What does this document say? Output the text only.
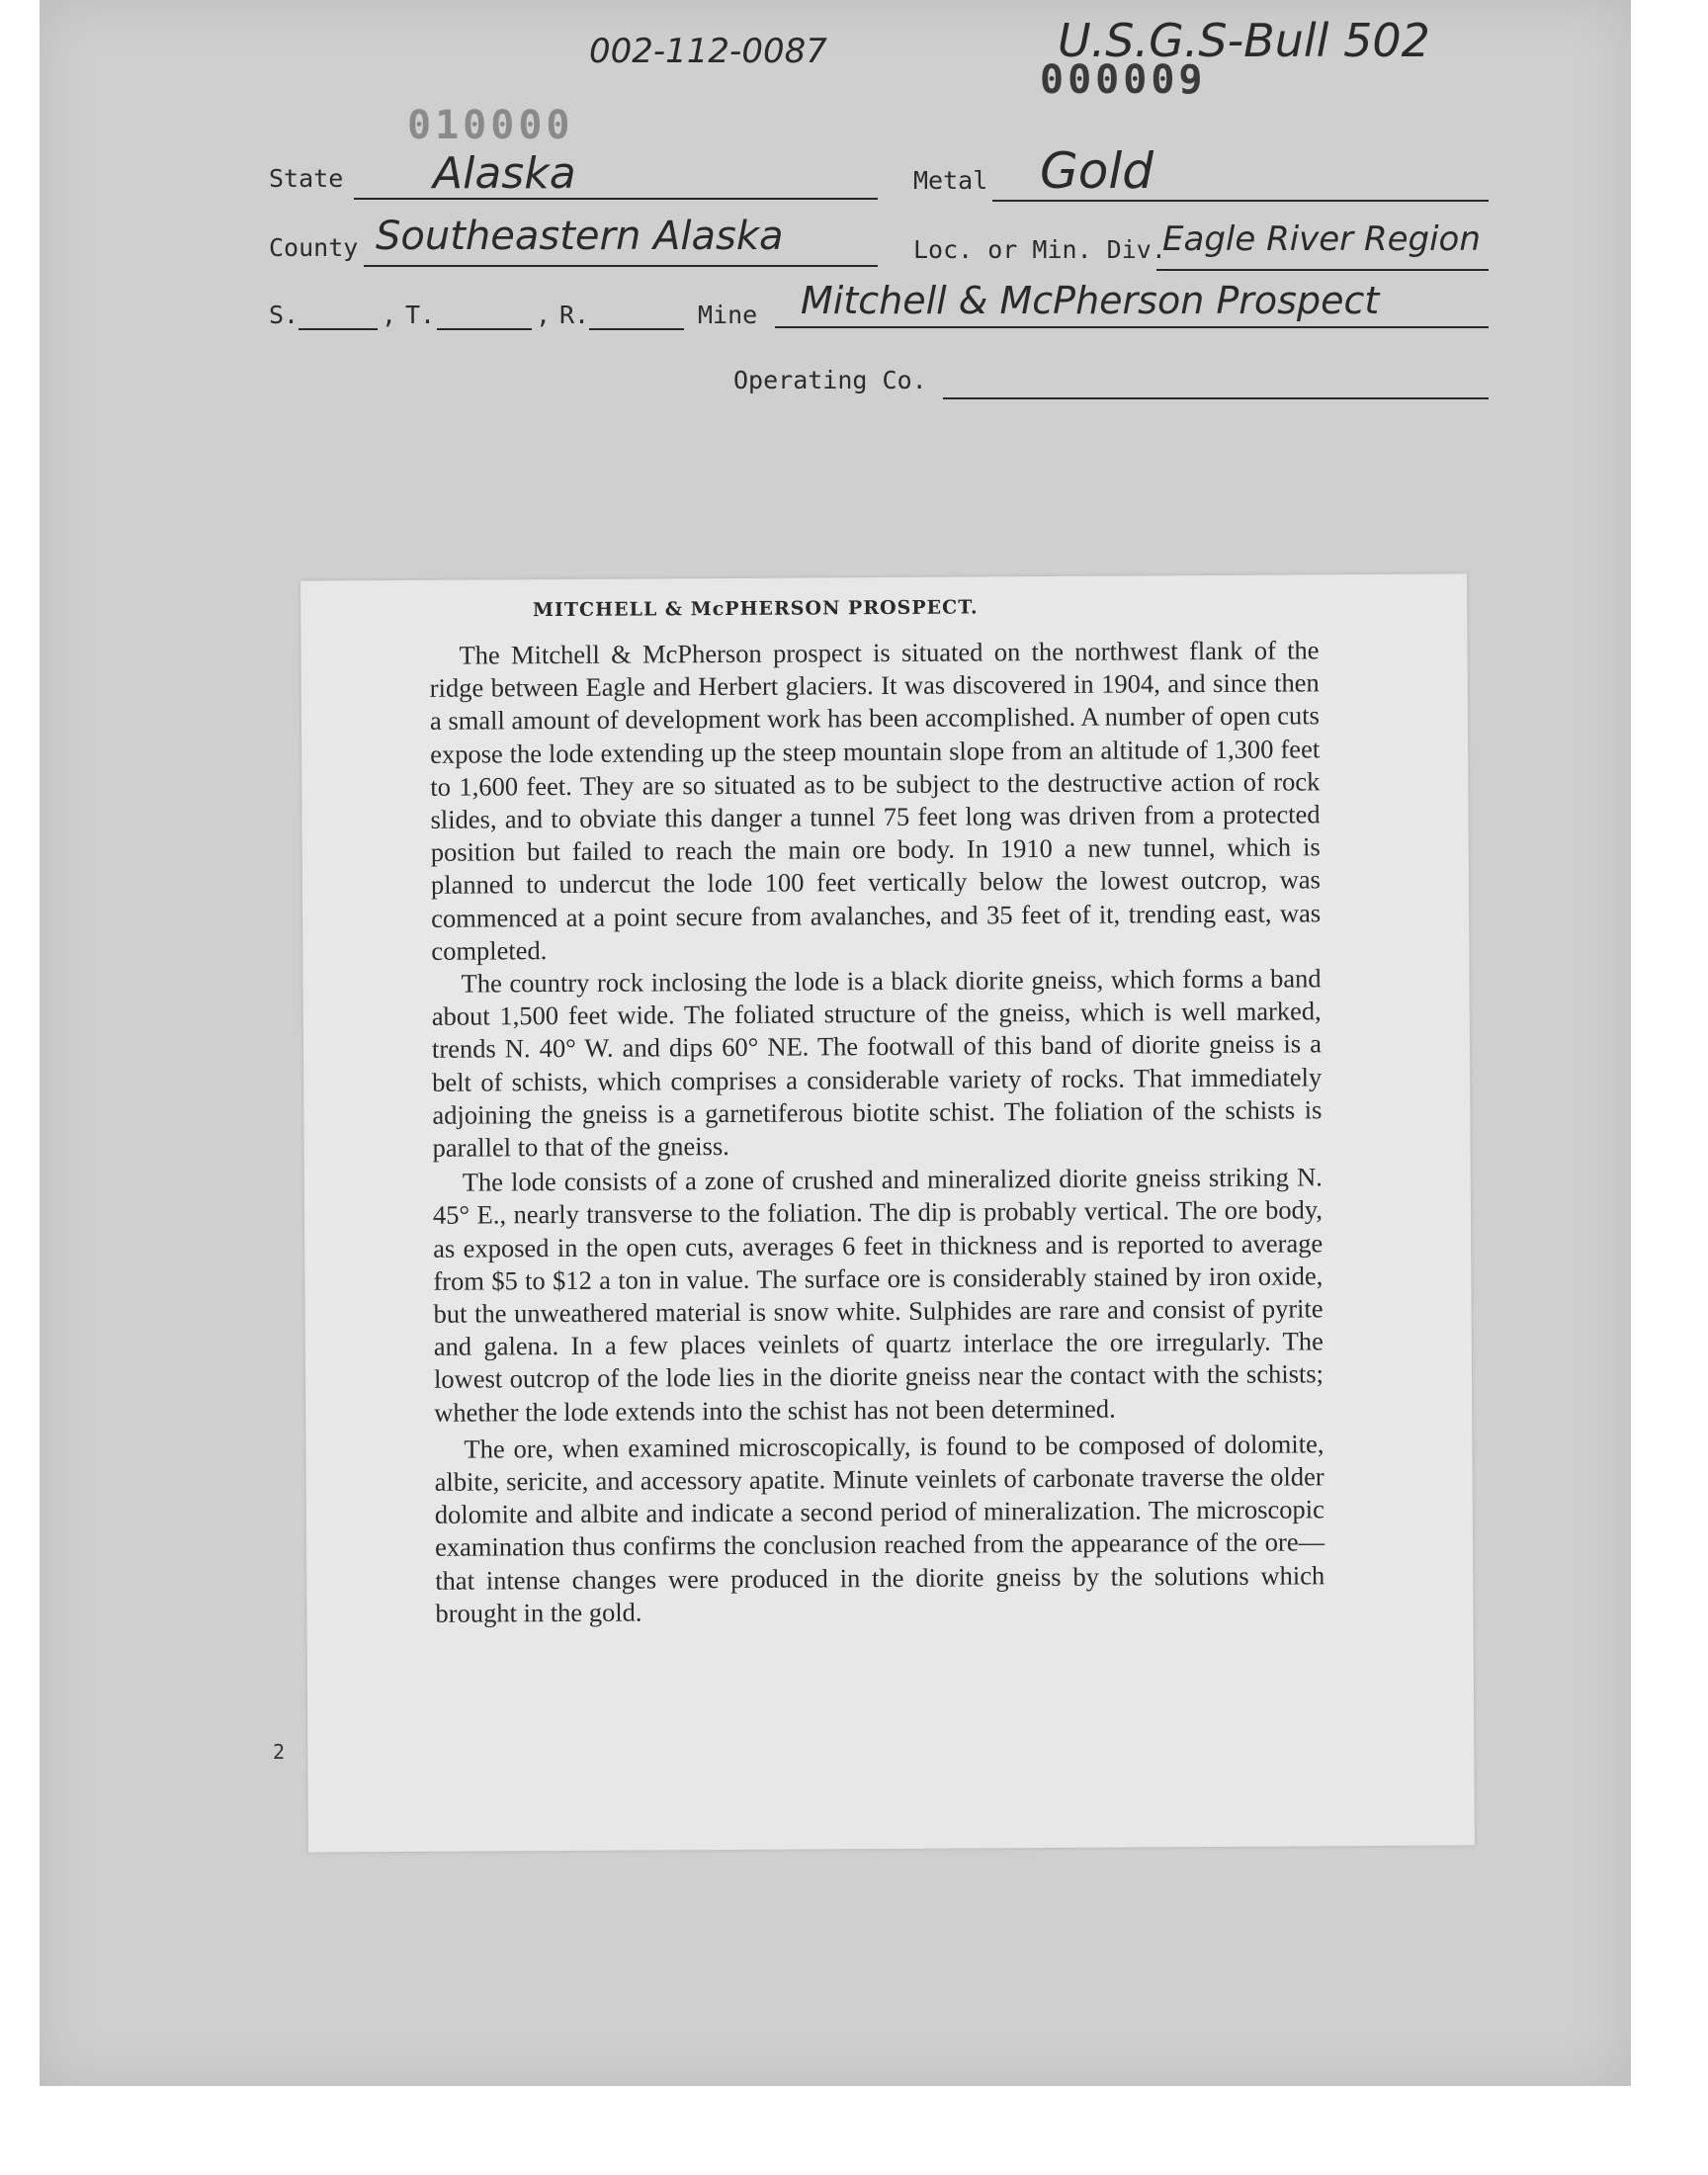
002-112-0087	U.S.G.S-Bull 502
000009
010000
State Alaska	Metal Gold
County Southeastern Alaska	Loc. or Min. Div.
Eagle River Region
S.	, T.	, R.	Mine Mitchell & McPherson Prospect
Operating Co.
MITCHELL & McPHERSON PROSPECT.

The Mitchell & McPherson prospect is situated on the northwest flank of the ridge between Eagle and Herbert glaciers. It was discovered in 1904, and since then a small amount of development work has been accomplished. A number of open cuts expose the lode extending up the steep mountain slope from an altitude of 1,300 feet to 1,600 feet. They are so situated as to be subject to the destructive action of rock slides, and to obviate this danger a tunnel 75 feet long was driven from a protected position but failed to reach the main ore body. In 1910 a new tunnel, which is planned to undercut the lode 100 feet vertically below the lowest outcrop, was commenced at a point secure from avalanches, and 35 feet of it, trending east, was completed.

The country rock inclosing the lode is a black diorite gneiss, which forms a band about 1,500 feet wide. The foliated structure of the gneiss, which is well marked, trends N. 40° W. and dips 60° NE. The footwall of this band of diorite gneiss is a belt of schists, which comprises a considerable variety of rocks. That immediately adjoining the gneiss is a garnetiferous biotite schist. The foliation of the schists is parallel to that of the gneiss.

The lode consists of a zone of crushed and mineralized diorite gneiss striking N. 45° E., nearly transverse to the foliation. The dip is probably vertical. The ore body, as exposed in the open cuts, averages 6 feet in thickness and is reported to average from $5 to $12 a ton in value. The surface ore is considerably stained by iron oxide, but the unweathered material is snow white. Sulphides are rare and consist of pyrite and galena. In a few places veinlets of quartz interlace the ore irregularly. The lowest outcrop of the lode lies in the diorite gneiss near the contact with the schists; whether the lode extends into the schist has not been determined.

The ore, when examined microscopically, is found to be composed of dolomite, albite, sericite, and accessory apatite. Minute veinlets of carbonate traverse the older dolomite and albite and indicate a second period of mineralization. The microscopic examination thus confirms the conclusion reached from the appearance of the ore—that intense changes were produced in the diorite gneiss by the solutions which brought in the gold.

2
